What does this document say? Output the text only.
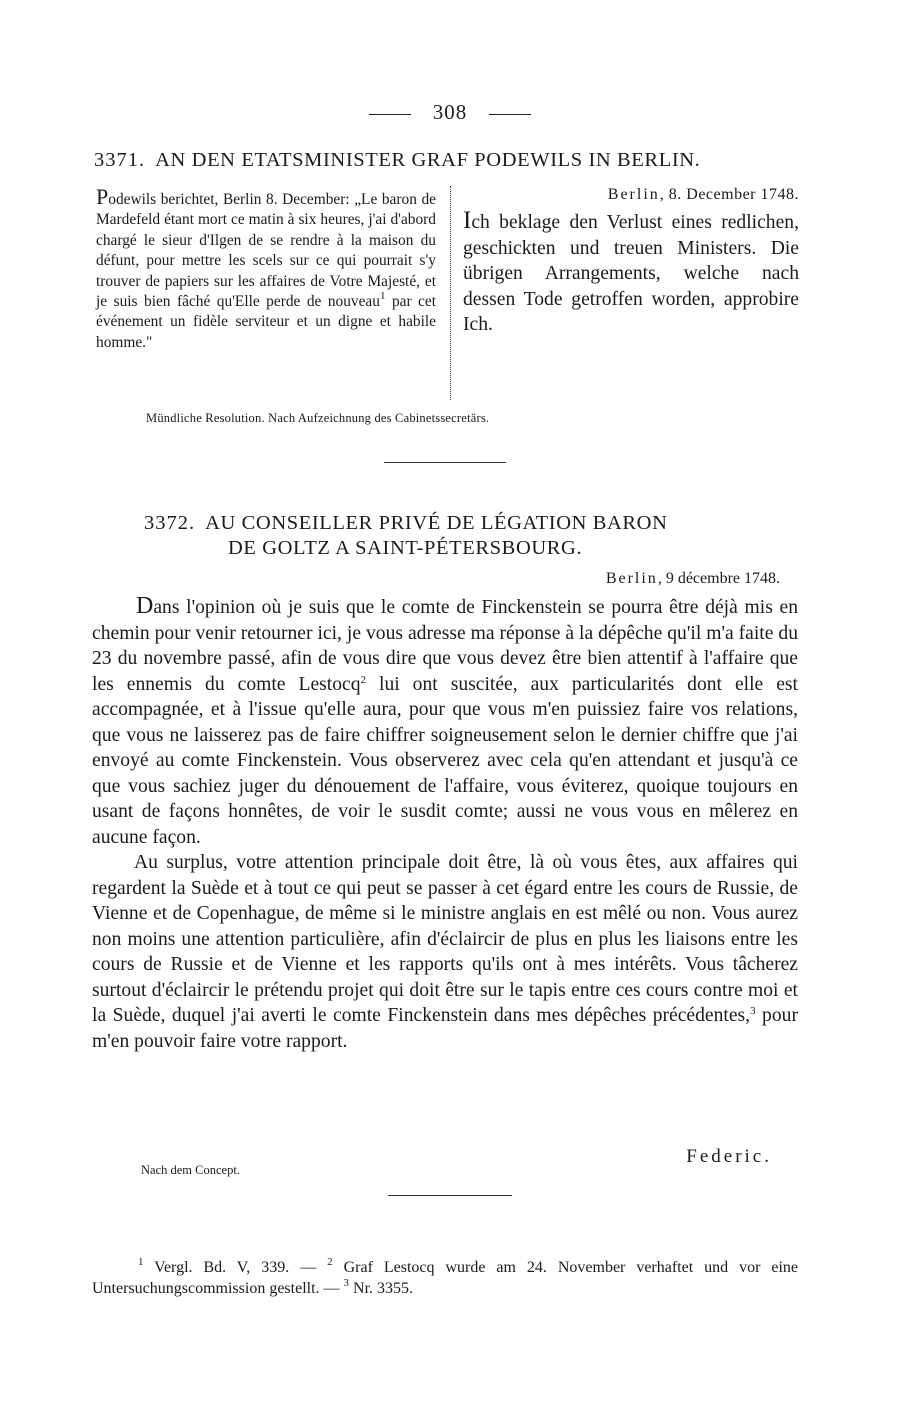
308
3371. AN DEN ETATSMINISTER GRAF PODEWILS IN BERLIN.

Podewils berichtet, Berlin 8. December: „Le baron de Mardefeld étant mort ce matin à six heures, j'ai d'abord chargé le sieur d'Ilgen de se rendre à la maison du défunt, pour mettre les scels sur ce qui pourrait s'y trouver de papiers sur les affaires de Votre Majesté, et je suis bien fâché qu'Elle perde de nouveau$^1$ par cet événement un fidèle serviteur et un digne et habile homme."

Berlin, 8. December 1748.
Ich beklage den Verlust eines redlichen, geschickten und treuen Ministers. Die übrigen Arrangements, welche nach dessen Tode getroffen worden, approbire Ich.
Mündliche Resolution. Nach Aufzeichnung des Cabinetssecretärs.
3372. AU CONSEILLER PRIVÉ DE LÉGATION BARON
DE GOLTZ A SAINT-PÉTERSBOURG.
Berlin, 9 décembre 1748.

Dans l'opinion où je suis que le comte de Finckenstein se pourra être déjà mis en chemin pour venir retourner ici, je vous adresse ma réponse à la dépêche qu'il m'a faite du 23 du novembre passé, afin de vous dire que vous devez être bien attentif à l'affaire que les ennemis du comte Lestocq$^2$ lui ont suscitée, aux particularités dont elle est accompagnée, et à l'issue qu'elle aura, pour que vous m'en puissiez faire vos relations, que vous ne laisserez pas de faire chiffrer soigneusement selon le dernier chiffre que j'ai envoyé au comte Finckenstein. Vous observerez avec cela qu'en attendant et jusqu'à ce que vous sachiez juger du dénouement de l'affaire, vous éviterez, quoique toujours en usant de façons honnêtes, de voir le susdit comte; aussi ne vous vous en mêlerez en aucune façon.

Au surplus, votre attention principale doit être, là où vous êtes, aux affaires qui regardent la Suède et à tout ce qui peut se passer à cet égard entre les cours de Russie, de Vienne et de Copenhague, de même si le ministre anglais en est mêlé ou non. Vous aurez non moins une attention particulière, afin d'éclaircir de plus en plus les liaisons entre les cours de Russie et de Vienne et les rapports qu'ils ont à mes intérêts. Vous tâcherez surtout d'éclaircir le prétendu projet qui doit être sur le tapis entre ces cours contre moi et la Suède, duquel j'ai averti le comte Finckenstein dans mes dépêches précédentes,$^3$ pour m'en pouvoir faire votre rapport.

Federic.
Nach dem Concept.

$^1$ Vergl. Bd. V, 339. — $^2$ Graf Lestocq wurde am 24. November verhaftet und vor eine Untersuchungscommission gestellt. — $^3$ Nr. 3355.
